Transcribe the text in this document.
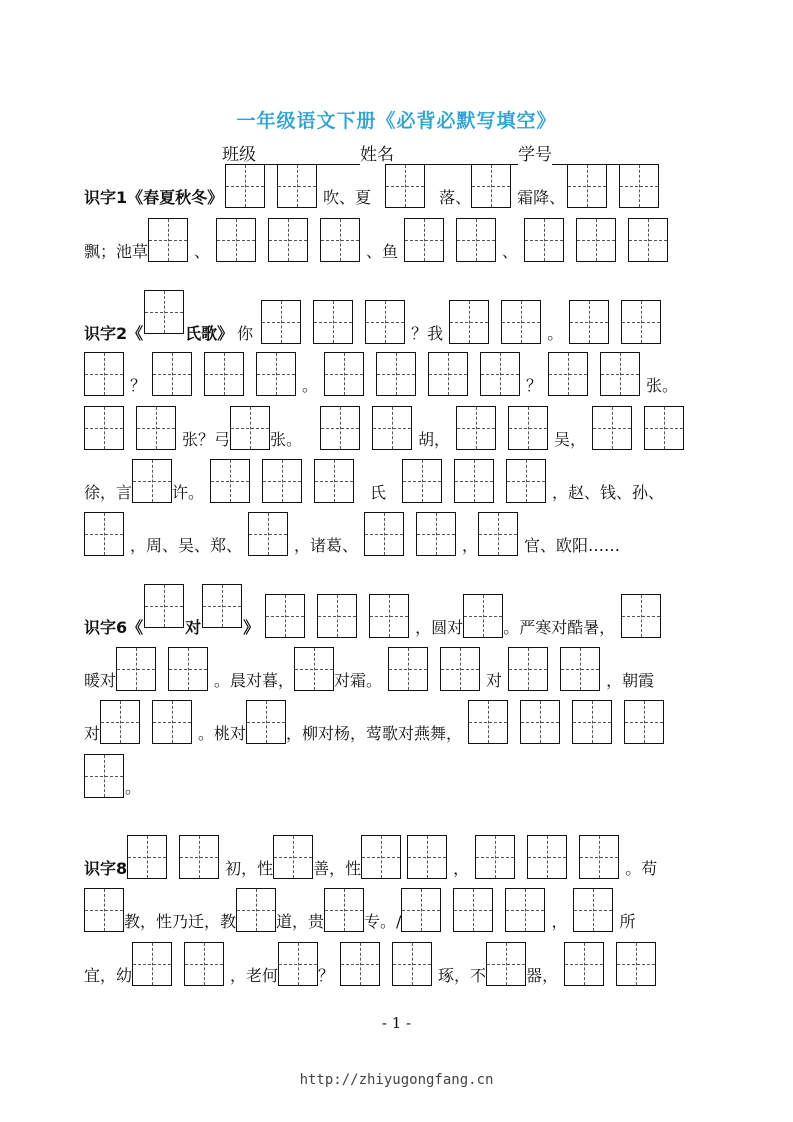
一年级语文下册《必背必默写填空》
班级	姓名	学号
识字1《春夏秋冬》	吹、夏	落、	霜降、
飘；池草	、	、鱼	、
识字2《	氏歌》 你	？我	。
？	。	？	张。
张？弓	张。	胡，	吴，
徐，言	许。	氏	，赵、钱、孙、
，周、吴、郑、	，诸葛、	，	官、欧阳……
识字6《	对	》	，圆对	。严寒对酷暑，
暖对	。晨对暮，	对霜。	对	，朝霞
对	。桃对	，柳对杨，莺歌对燕舞，
。
识字8	初，性	善，性	，	。苟
教，性乃迁，教	道，贵	专。/	，	所
宜，幼	，老何	？	琢，不	器，
- 1 -
http://zhiyugongfang.cn
